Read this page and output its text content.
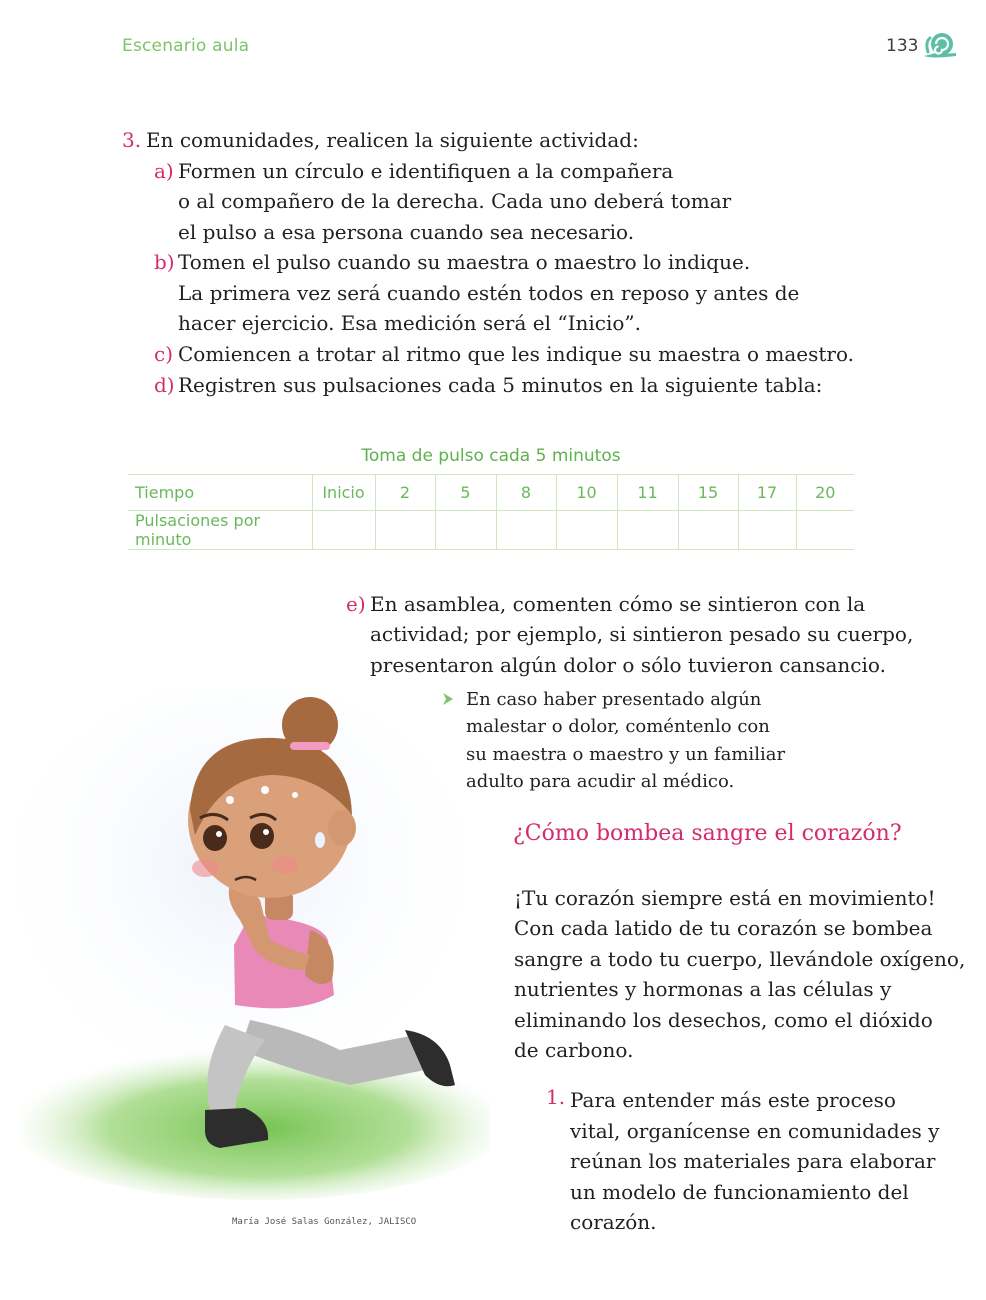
Escenario aula	133
3. En comunidades, realicen la siguiente actividad:
a) Formen un círculo e identifiquen a la compañera
o al compañero de la derecha. Cada uno deberá tomar
el pulso a esa persona cuando sea necesario.
b) Tomen el pulso cuando su maestra o maestro lo indique.
La primera vez será cuando estén todos en reposo y antes de
hacer ejercicio. Esa medición será el “Inicio”.
c) Comiencen a trotar al ritmo que les indique su maestra o maestro.
d) Registren sus pulsaciones cada 5 minutos en la siguiente tabla:
Toma de pulso cada 5 minutos
Tiempo	Inicio	2	5	8	10	11	15	17	20
Pulsaciones por minuto									
e) En asamblea, comenten cómo se sintieron con la
actividad; por ejemplo, si sintieron pesado su cuerpo,
presentaron algún dolor o sólo tuvieron cansancio.
En caso haber presentado algún
malestar o dolor, coméntenlo con
su maestra o maestro y un familiar
adulto para acudir al médico.
¿Cómo bombea sangre el corazón?
¡Tu corazón siempre está en movimiento!
Con cada latido de tu corazón se bombea
sangre a todo tu cuerpo, llevándole oxígeno,
nutrientes y hormonas a las células y
eliminando los desechos, como el dióxido
de carbono.
1. Para entender más este proceso
vital, organícense en comunidades y
reúnan los materiales para elaborar
un modelo de funcionamiento del
corazón.
María José Salas González, JALISCO
